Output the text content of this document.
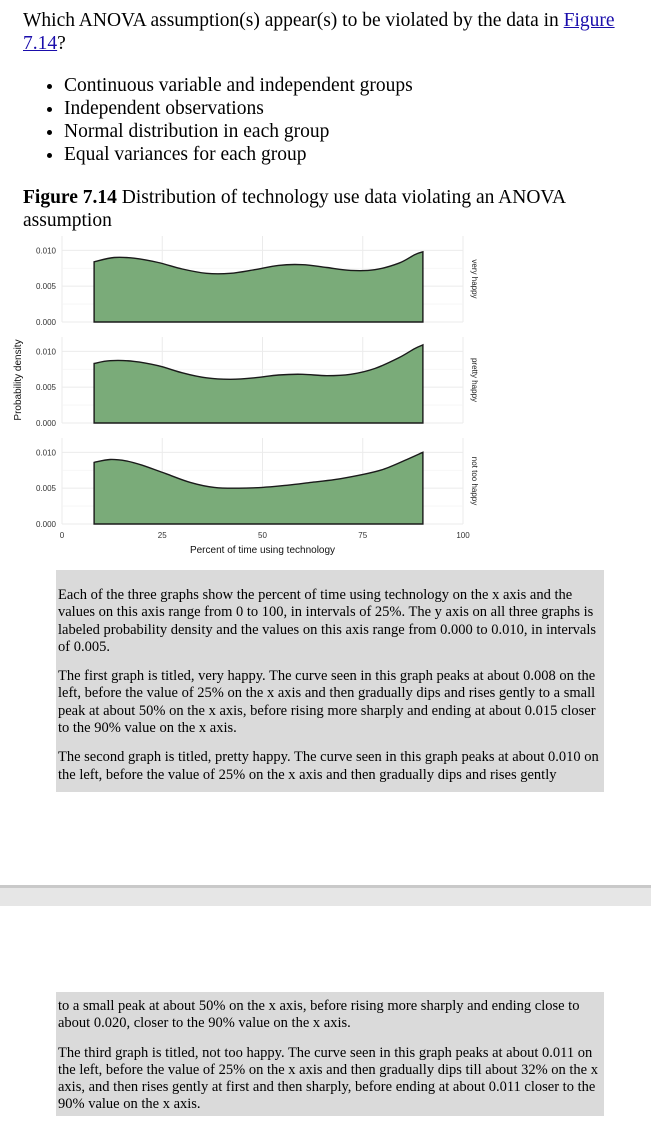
Which ANOVA assumption(s) appear(s) to be violated by the data in Figure 7.14?
• Continuous variable and independent groups
• Independent observations
• Normal distribution in each group
• Equal variances for each group
Figure 7.14 Distribution of technology use data violating an ANOVA assumption
0.000
0.005
0.010
very happy
0.000
0.005
0.010
pretty happy
0.000
0.005
0.010
not too happy
0	25	50	75	100
Percent of time using technology
Probability density

Each of the three graphs show the percent of time using technology on the x axis and the values on this axis range from 0 to 100, in intervals of 25%. The y axis on all three graphs is labeled probability density and the values on this axis range from 0.000 to 0.010, in intervals of 0.005.

The first graph is titled, very happy. The curve seen in this graph peaks at about 0.008 on the left, before the value of 25% on the x axis and then gradually dips and rises gently to a small peak at about 50% on the x axis, before rising more sharply and ending at about 0.015 closer to the 90% value on the x axis.

The second graph is titled, pretty happy. The curve seen in this graph peaks at about 0.010 on the left, before the value of 25% on the x axis and then gradually dips and rises gently

to a small peak at about 50% on the x axis, before rising more sharply and ending close to about 0.020, closer to the 90% value on the x axis.

The third graph is titled, not too happy. The curve seen in this graph peaks at about 0.011 on the left, before the value of 25% on the x axis and then gradually dips till about 32% on the x axis, and then rises gently at first and then sharply, before ending at about 0.011 closer to the 90% value on the x axis.
